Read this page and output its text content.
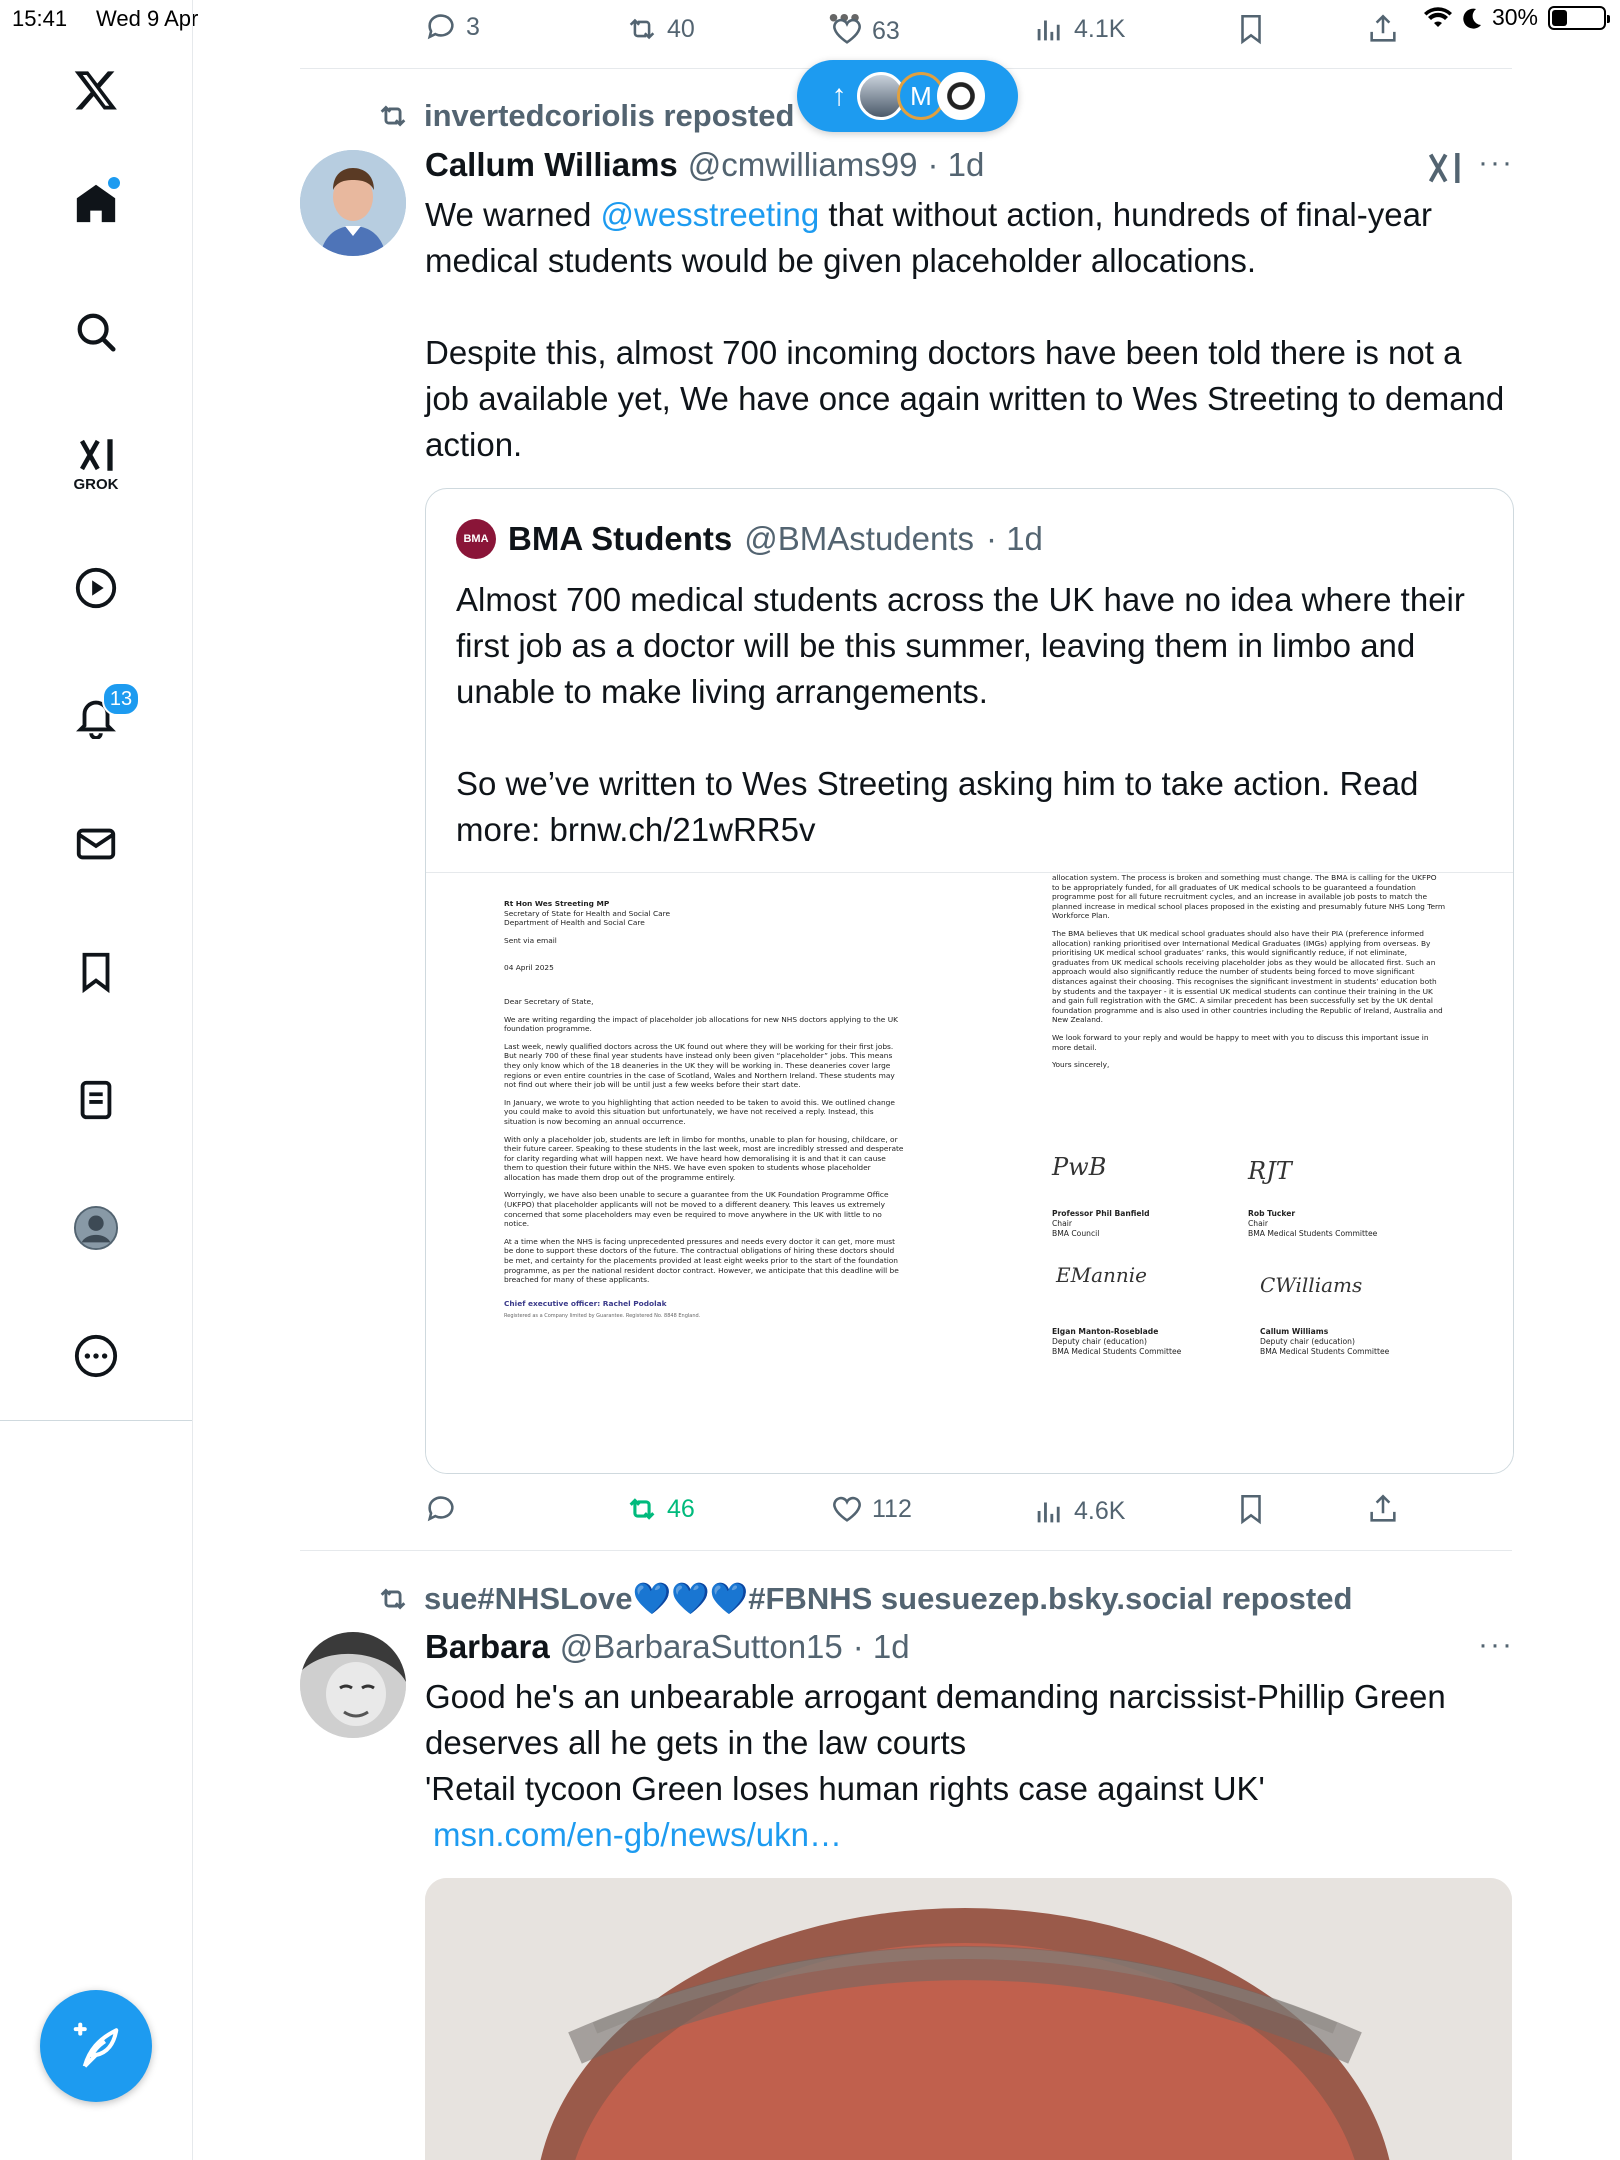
15:41 Wed 9 Apr	•••	30%
GROK
13
3	40	63	4.1K
invertedcoriolis reposted
↑	M
Callum Williams @cmwilliams99 · 1d	···
We warned @wesstreeting that without action, hundreds of final-year medical students would be given placeholder allocations.

Despite this, almost 700 incoming doctors have been told there is not a job available yet, We have once again written to Wes Streeting to demand action.
BMA BMA Students @BMAstudents · 1d
Almost 700 medical students across the UK have no idea where their first job as a doctor will be this summer, leaving them in limbo and unable to make living arrangements.

So we’ve written to Wes Streeting asking him to take action. Read more: brnw.ch/21wRR5v

Rt Hon Wes Streeting MP

Secretary of State for Health and Social Care
Department of Health and Social Care

Sent via email

04 April 2025

Dear Secretary of State,

We are writing regarding the impact of placeholder job allocations for new NHS doctors applying to the UK foundation programme.

Last week, newly qualified doctors across the UK found out where they will be working for their first jobs. But nearly 700 of these final year students have instead only been given “placeholder” jobs. This means they only know which of the 18 deaneries in the UK they will be working in. These deaneries cover large regions or even entire countries in the case of Scotland, Wales and Northern Ireland. These students may not find out where their job will be until just a few weeks before their start date.

In January, we wrote to you highlighting that action needed to be taken to avoid this. We outlined change you could make to avoid this situation but unfortunately, we have not received a reply. Instead, this situation is now becoming an annual occurrence.

With only a placeholder job, students are left in limbo for months, unable to plan for housing, childcare, or their future career. Speaking to these students in the last week, most are incredibly stressed and desperate for clarity regarding what will happen next. We have heard how demoralising it is and that it can cause them to question their future within the NHS. We have even spoken to students whose placeholder allocation has made them drop out of the programme entirely.

Worryingly, we have also been unable to secure a guarantee from the UK Foundation Programme Office (UKFPO) that placeholder applicants will not be moved to a different deanery. This leaves us extremely concerned that some placeholders may even be required to move anywhere in the UK with little to no notice.

At a time when the NHS is facing unprecedented pressures and needs every doctor it can get, more must be done to support these doctors of the future. The contractual obligations of hiring these doctors should be met, and certainty for the placements provided at least eight weeks prior to the start of the foundation programme, as per the national resident doctor contract. However, we anticipate that this deadline will be breached for many of these applicants.

Chief executive officer: Rachel Podolak

Registered as a Company limited by Guarantee. Registered No. 8848 England.

allocation system. The process is broken and something must change. The BMA is calling for the UKFPO to be appropriately funded, for all graduates of UK medical schools to be guaranteed a foundation programme post for all future recruitment cycles, and an increase in available job posts to match the planned increase in medical school places proposed in the existing and presumably future NHS Long Term Workforce Plan.

The BMA believes that UK medical school graduates should also have their PIA (preference informed allocation) ranking prioritised over International Medical Graduates (IMGs) applying from overseas. By prioritising UK medical school graduates’ ranks, this would significantly reduce, if not eliminate, graduates from UK medical schools receiving placeholder jobs as they would be allocated first. Such an approach would also significantly reduce the number of students being forced to move significant distances against their choosing. This recognises the significant investment in students’ education both by students and the taxpayer - it is essential UK medical students can continue their training in the UK and gain full registration with the GMC. A similar precedent has been successfully set by the UK dental foundation programme and is also used in other countries including the Republic of Ireland, Australia and New Zealand.

We look forward to your reply and would be happy to meet with you to discuss this important issue in more detail.

Yours sincerely,

PwB
Professor Phil Banfield
Chair
BMA Council
RJT
Rob Tucker
Chair
BMA Medical Students Committee
EMannie
Elgan Manton-Roseblade
Deputy chair (education)
BMA Medical Students Committee
CWilliams
Callum Williams
Deputy chair (education)
BMA Medical Students Committee
46	112	4.6K
sue#NHSLove💙💙💙#FBNHS suesuezep.bsky.social reposted
Barbara @BarbaraSutton15 · 1d	···
Good he's an unbearable arrogant demanding narcissist-Phillip Green deserves all he gets in the law courts
'Retail tycoon Green loses human rights case against UK'
msn.com/en-gb/news/ukn…
